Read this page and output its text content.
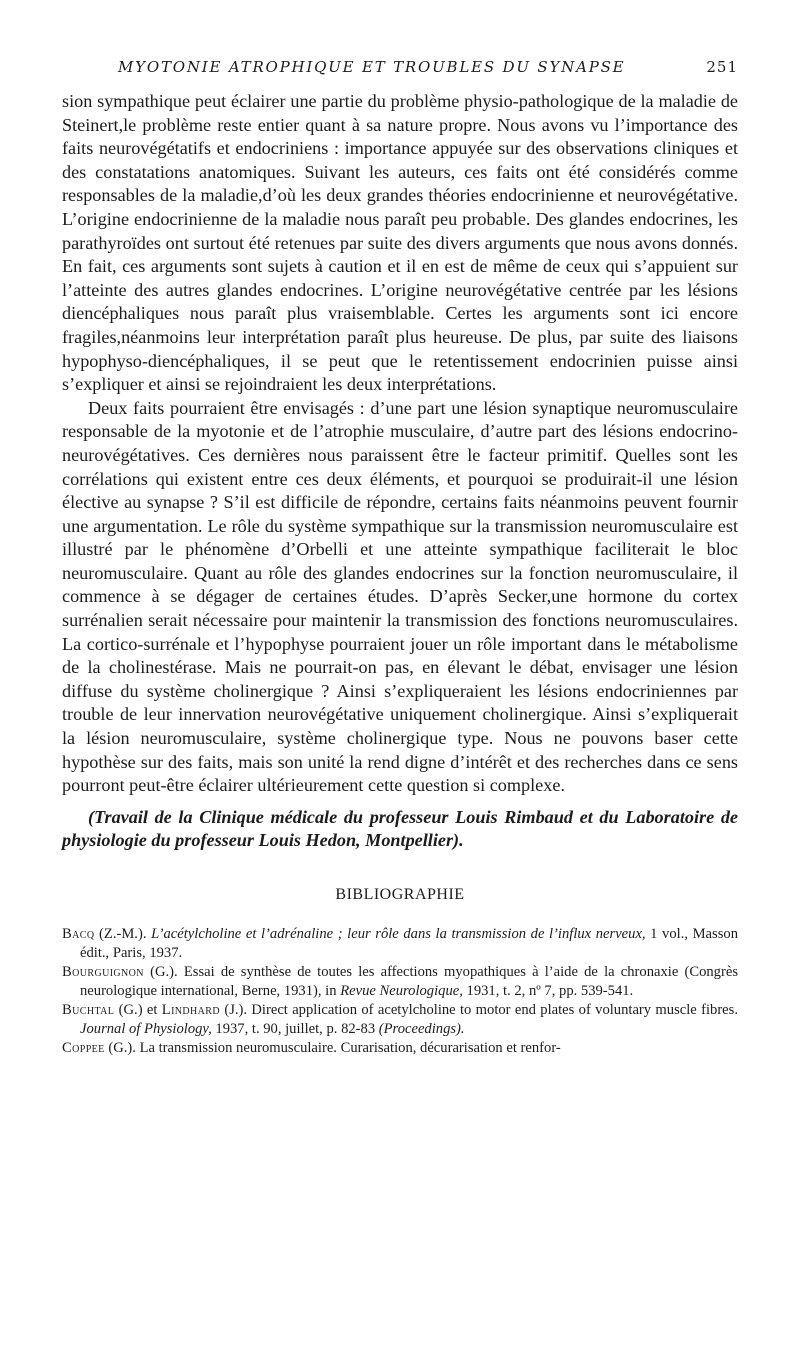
MYOTONIE ATROPHIQUE ET TROUBLES DU SYNAPSE	251

sion sympathique peut éclairer une partie du problème physio-pathologique de la maladie de Steinert,le problème reste entier quant à sa nature propre. Nous avons vu l’importance des faits neurovégétatifs et endocriniens : importance appuyée sur des observations cliniques et des constatations anatomiques. Suivant les auteurs, ces faits ont été considérés comme responsables de la maladie,d’où les deux grandes théories endocrinienne et neurovégétative. L’origine endocrinienne de la maladie nous paraît peu probable. Des glandes endocrines, les parathyroïdes ont surtout été retenues par suite des divers arguments que nous avons donnés. En fait, ces arguments sont sujets à caution et il en est de même de ceux qui s’appuient sur l’atteinte des autres glandes endocrines. L’origine neurovégétative centrée par les lésions diencéphaliques nous paraît plus vraisemblable. Certes les arguments sont ici encore fragiles,néanmoins leur interprétation paraît plus heureuse. De plus, par suite des liaisons hypophyso-diencéphaliques, il se peut que le retentissement endocrinien puisse ainsi s’expliquer et ainsi se rejoindraient les deux interprétations.

Deux faits pourraient être envisagés : d’une part une lésion synaptique neuromusculaire responsable de la myotonie et de l’atrophie musculaire, d’autre part des lésions endocrino-neurovégétatives. Ces dernières nous paraissent être le facteur primitif. Quelles sont les corrélations qui existent entre ces deux éléments, et pourquoi se produirait-il une lésion élective au synapse ? S’il est difficile de répondre, certains faits néanmoins peuvent fournir une argumentation. Le rôle du système sympathique sur la transmission neuromusculaire est illustré par le phénomène d’Orbelli et une atteinte sympathique faciliterait le bloc neuromusculaire. Quant au rôle des glandes endocrines sur la fonction neuromusculaire, il commence à se dégager de certaines études. D’après Secker,une hormone du cortex surrénalien serait nécessaire pour maintenir la transmission des fonctions neuromusculaires. La cortico-surrénale et l’hypophyse pourraient jouer un rôle important dans le métabolisme de la cholinestérase. Mais ne pourrait-on pas, en élevant le débat, envisager une lésion diffuse du système cholinergique ? Ainsi s’expliqueraient les lésions endocriniennes par trouble de leur innervation neurovégétative uniquement cholinergique. Ainsi s’expliquerait la lésion neuromusculaire, système cholinergique type. Nous ne pouvons baser cette hypothèse sur des faits, mais son unité la rend digne d’intérêt et des recherches dans ce sens pourront peut-être éclairer ultérieurement cette question si complexe.

(Travail de la Clinique médicale du professeur Louis Rimbaud et du Laboratoire de physiologie du professeur Louis Hedon, Montpellier).

BIBLIOGRAPHIE

Bacq (Z.-M.). L’acétylcholine et l’adrénaline ; leur rôle dans la transmission de l’influx nerveux, 1 vol., Masson édit., Paris, 1937.

Bourguignon (G.). Essai de synthèse de toutes les affections myopathiques à l’aide de la chronaxie (Congrès neurologique international, Berne, 1931), in Revue Neurologique, 1931, t. 2, nº 7, pp. 539-541.

Buchtal (G.) et Lindhard (J.). Direct application of acetylcholine to motor end plates of voluntary muscle fibres. Journal of Physiology, 1937, t. 90, juillet, p. 82-83 (Proceedings).

Coppee (G.). La transmission neuromusculaire. Curarisation, décurarisation et renfor-
